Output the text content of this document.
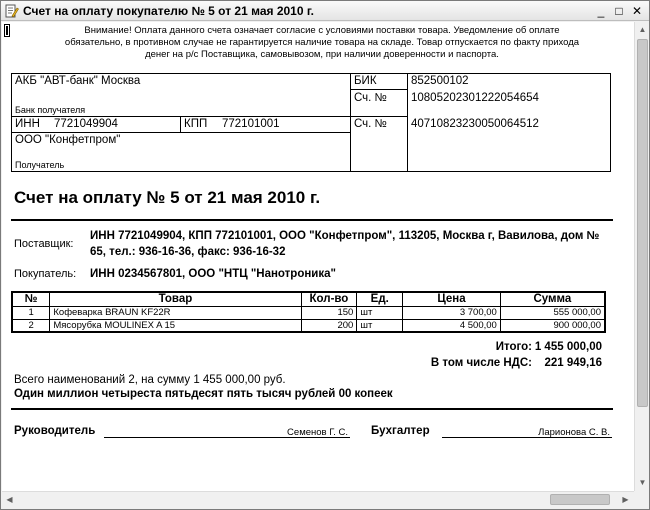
Счет на оплату покупателю № 5 от 21 мая 2010 г.	_ □ ✕
Внимание! Оплата данного счета означает согласие с условиями поставки товара. Уведомление об оплате обязательно, в противном случае не гарантируется наличие товара на складе. Товар отпускается по факту прихода денег на р/с Поставщика, самовывозом, при наличии доверенности и паспорта.
АКБ "АВТ-банк" Москва
Банк получателя
БИК	852500102
Сч. № 10805202301222054654
ИНН 7721049904	КПП 772101001	Сч. № 40710823230050064512
ООО "Конфетпром"
Получатель
Счет на оплату № 5 от 21 мая 2010 г.
Поставщик:
ИНН 7721049904, КПП 772101001, ООО "Конфетпром", 113205, Москва г, Вавилова, дом № 65, тел.: 936-16-36, факс: 936-16-32
Покупатель: ИНН 0234567801, ООО "НТЦ "Нанотроника"
№	Товар	Кол-во	Ед.	Цена	Сумма
1	Кофеварка BRAUN KF22R	150	шт	3 700,00	555 000,00
2	Мясорубка MOULINEX A 15	200	шт	4 500,00	900 000,00
Итого: 1 455 000,00
В том числе НДС:	221 949,16
Всего наименований 2, на сумму 1 455 000,00 руб.
Один миллион четыреста пятьдесят пять тысяч рублей 00 копеек
Руководитель	Семенов Г. С. Бухгалтер	Ларионова С. В.
▲
▼
◀	▶
